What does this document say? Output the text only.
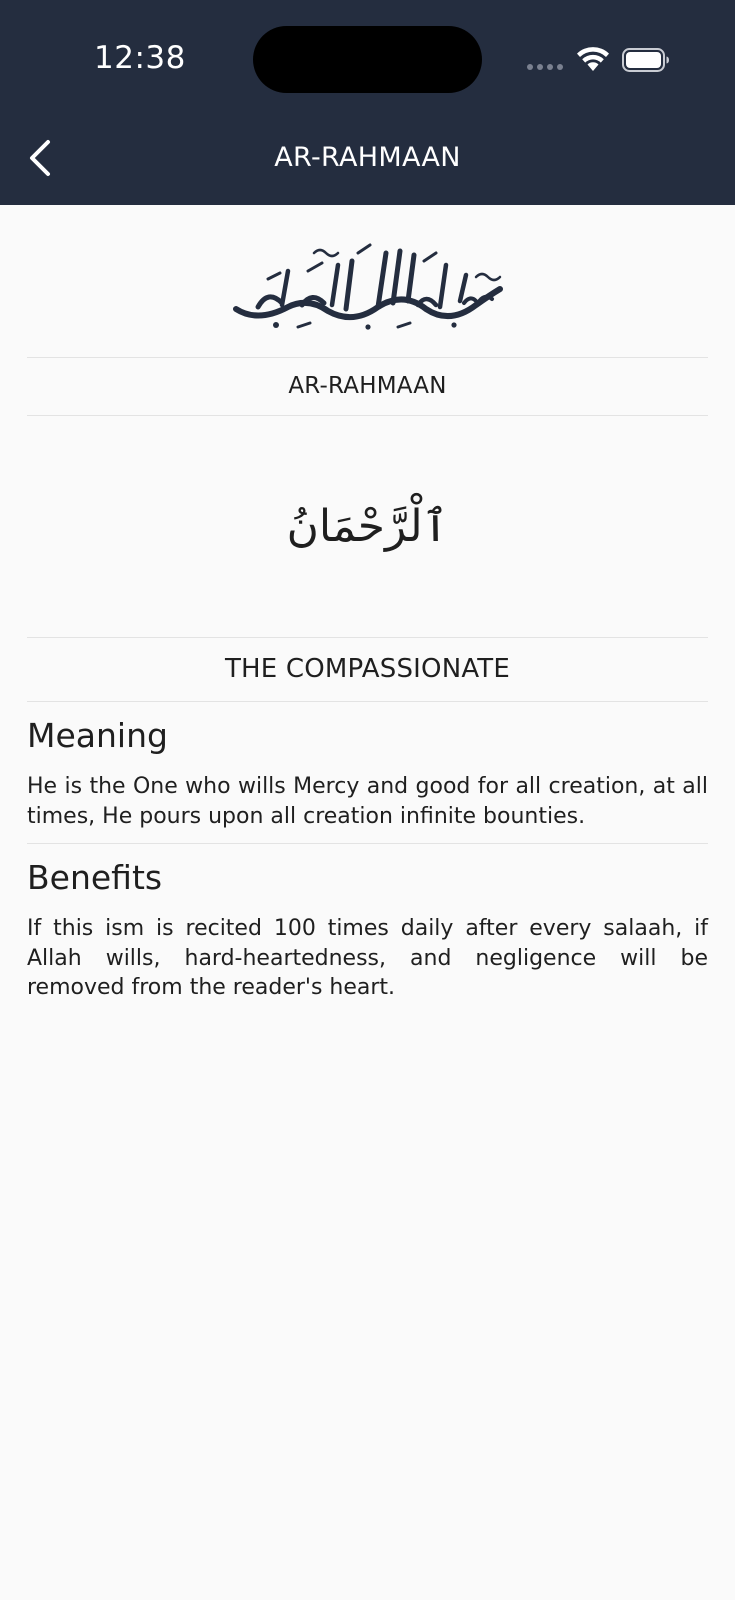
12:38
AR-RAHMAAN
AR-RAHMAAN
ٱلْرَّحْمَانُ
THE COMPASSIONATE
Meaning

He is the One who wills Mercy and good for all creation, at all times, He pours upon all creation infinite bounties.

Benefits

If this ism is recited 100 times daily after every salaah, if Allah wills, hard-heartedness, and negligence will be removed from the reader's heart.
